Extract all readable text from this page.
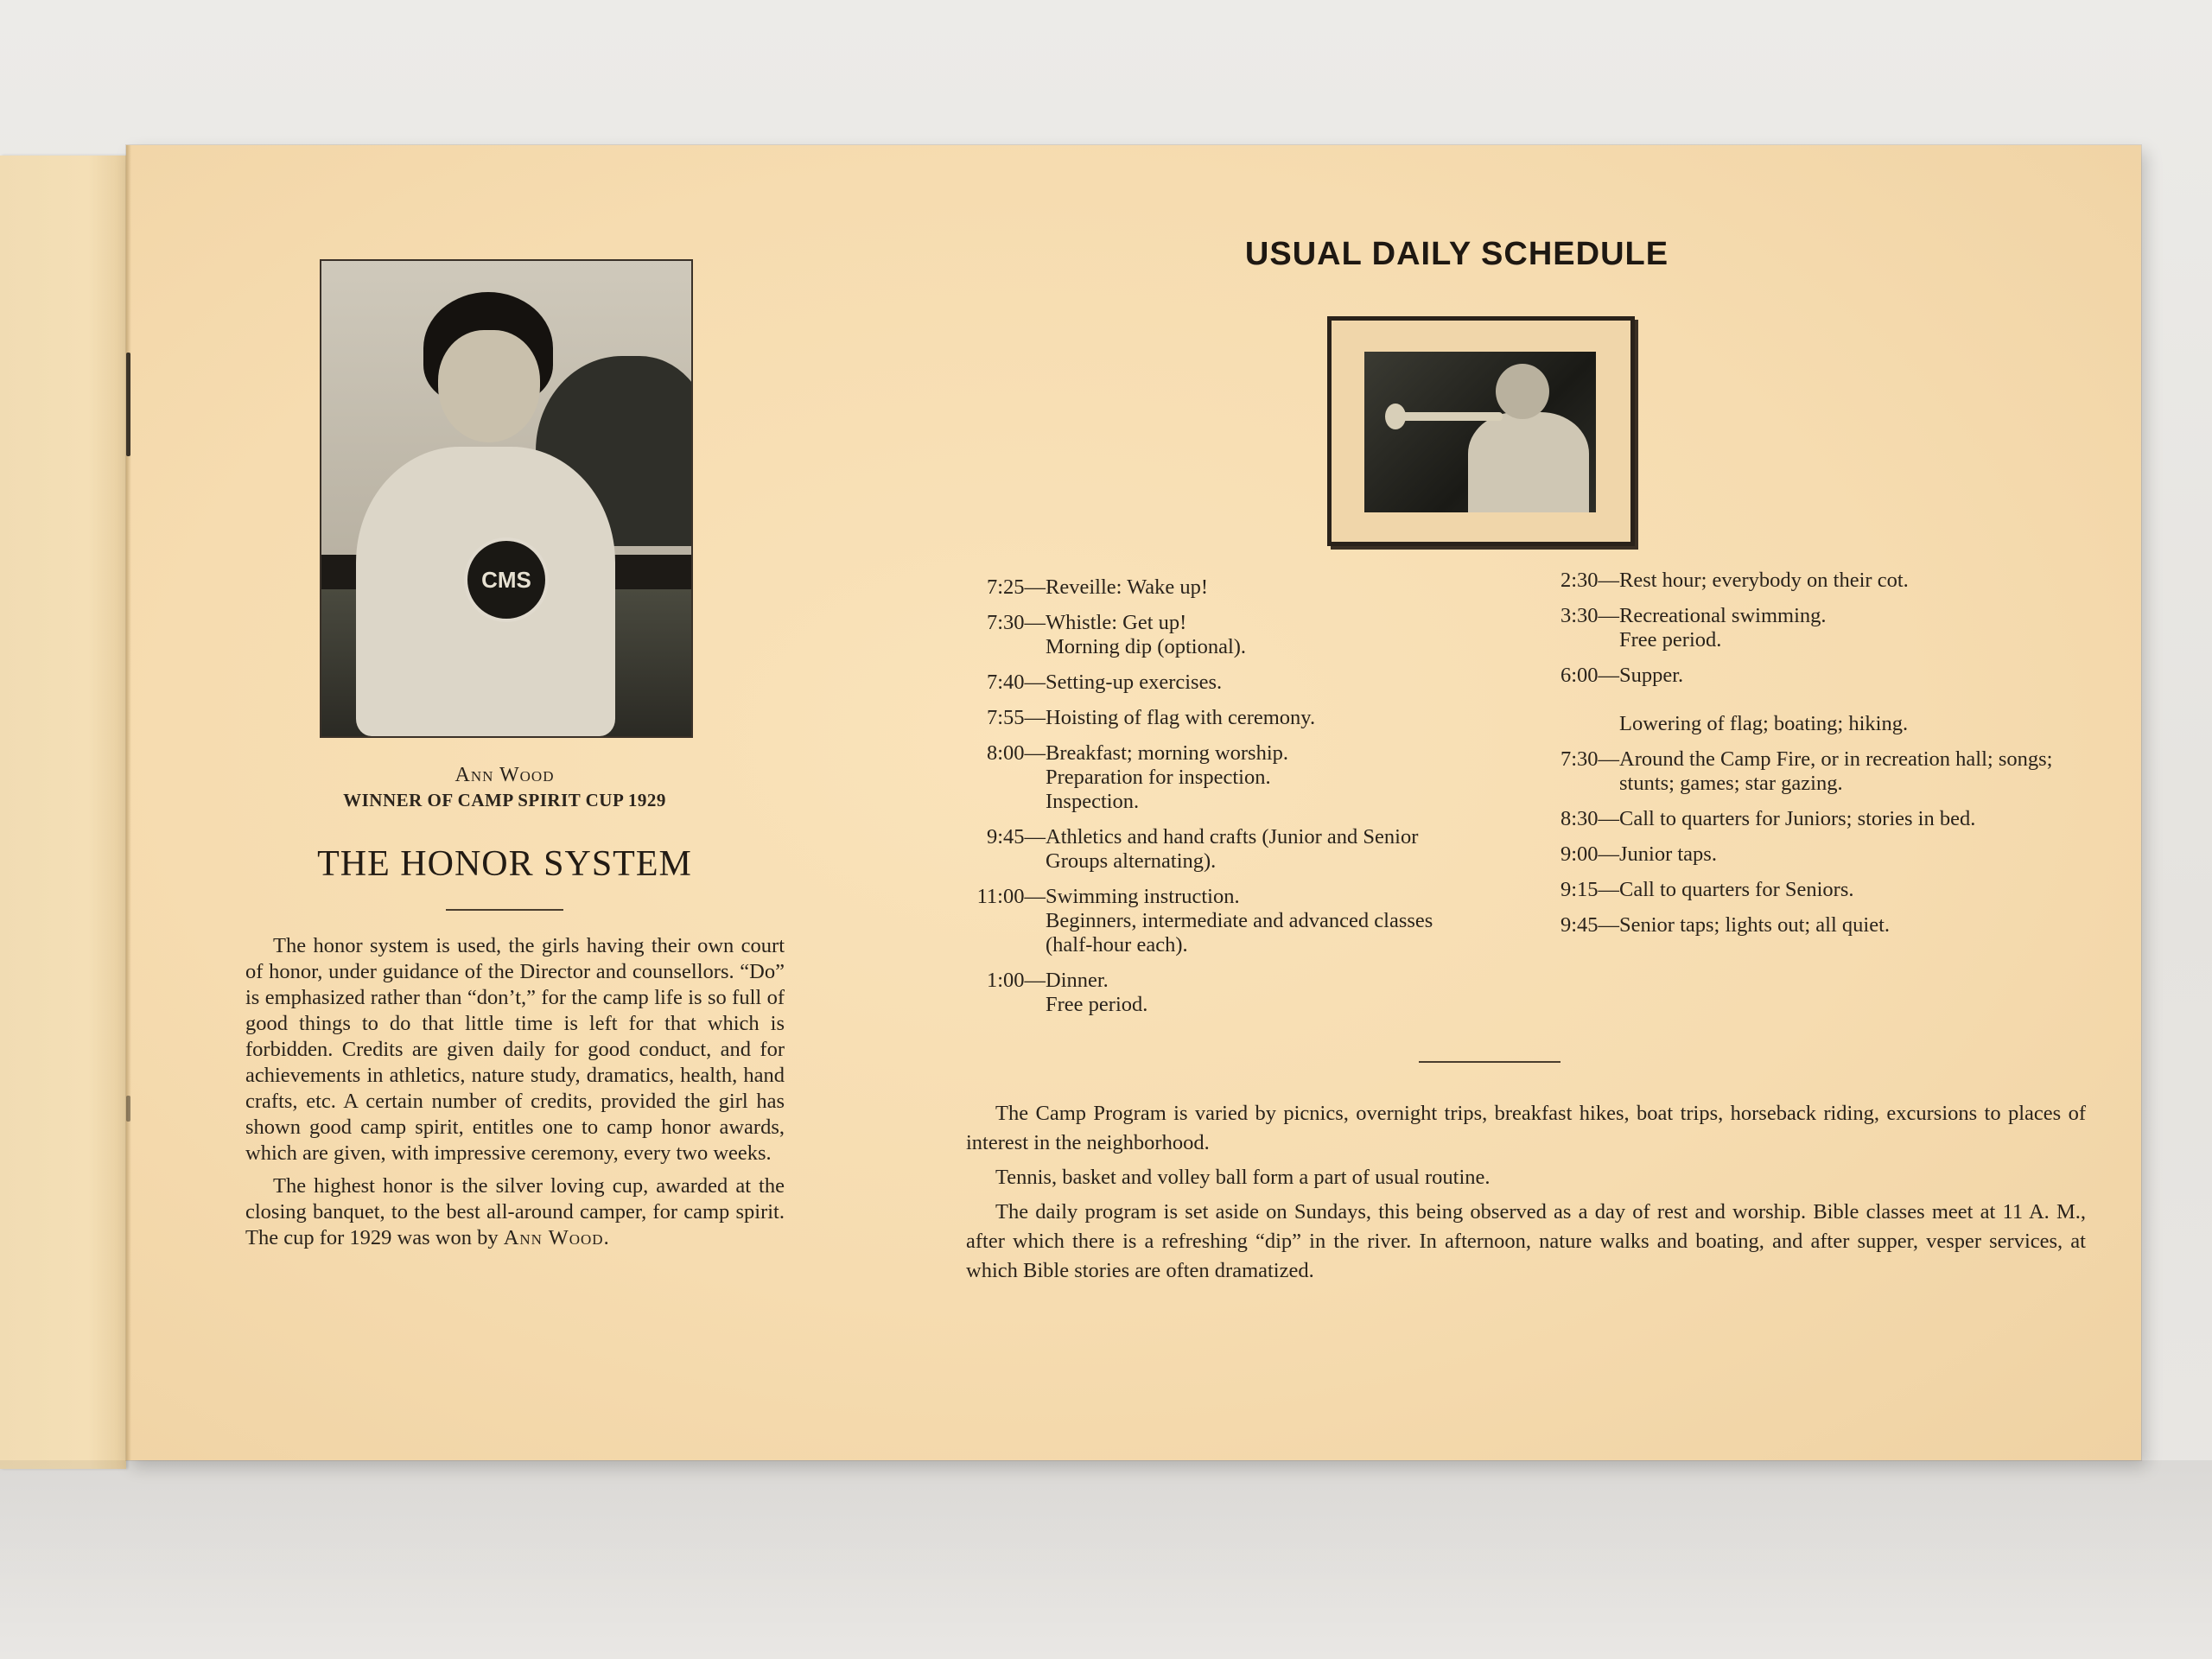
CMS
Ann Wood
WINNER OF CAMP SPIRIT CUP 1929
THE HONOR SYSTEM

The honor system is used, the girls having their own court of honor, under guidance of the Director and counsellors. “Do” is emphasized rather than “don’t,” for the camp life is so full of good things to do that little time is left for that which is forbidden. Credits are given daily for good conduct, and for achievements in athletics, nature study, dramatics, health, hand crafts, etc. A certain number of credits, provided the girl has shown good camp spirit, entitles one to camp honor awards, which are given, with impressive ceremony, every two weeks.

The highest honor is the silver loving cup, awarded at the closing banquet, to the best all-around camper, for camp spirit. The cup for 1929 was won by Ann Wood.

USUAL DAILY SCHEDULE
7:25— Reveille: Wake up!
7:30— Whistle: Get up!
Morning dip (optional).
7:40— Setting-up exercises.
7:55— Hoisting of flag with ceremony.
8:00— Breakfast; morning worship.
Preparation for inspection.
Inspection.
9:45— Athletics and hand crafts (Junior and Senior Groups alternating).
11:00— Swimming instruction.
Beginners, intermediate and advanced classes (half-hour each).
1:00— Dinner.
Free period.
2:30— Rest hour; everybody on their cot.
3:30— Recreational swimming.
Free period.
6:00— Supper.

Lowering of flag; boating; hiking.
7:30— Around the Camp Fire, or in recreation hall; songs; stunts; games; star gazing.
8:30— Call to quarters for Juniors; stories in bed.
9:00— Junior taps.
9:15— Call to quarters for Seniors.
9:45— Senior taps; lights out; all quiet.

The Camp Program is varied by picnics, overnight trips, breakfast hikes, boat trips, horseback riding, excursions to places of interest in the neighborhood.

Tennis, basket and volley ball form a part of usual routine.

The daily program is set aside on Sundays, this being observed as a day of rest and worship. Bible classes meet at 11 A. M., after which there is a refreshing “dip” in the river. In afternoon, nature walks and boating, and after supper, vesper services, at which Bible stories are often dramatized.
